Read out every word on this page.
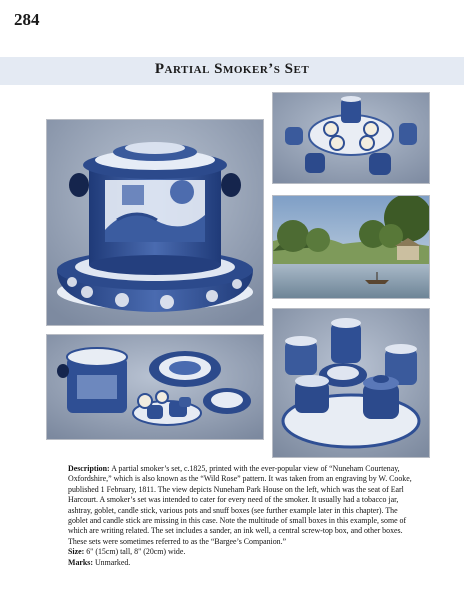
284
Partial Smoker’s Set

Description: A partial smoker’s set, c.1825, printed with the ever-popular view of “Nuneham Courtenay, Oxfordshire,” which is also known as the “Wild Rose” pattern. It was taken from an engraving by W. Cooke, published 1 February, 1811. The view depicts Nuneham Park House on the left, which was the seat of Earl Harcourt. A smoker’s set was intended to cater for every need of the smoker. It usually had a tobacco jar, ashtray, goblet, candle stick, various pots and snuff boxes (see further example later in this chapter). The goblet and candle stick are missing in this case. Note the multitude of small boxes in this example, some of which are writing related. The set includes a sander, an ink well, a central screw-top box, and other boxes. These sets were sometimes referred to as the “Bargee’s Companion.”

Size: 6" (15cm) tall, 8" (20cm) wide.

Marks: Unmarked.
